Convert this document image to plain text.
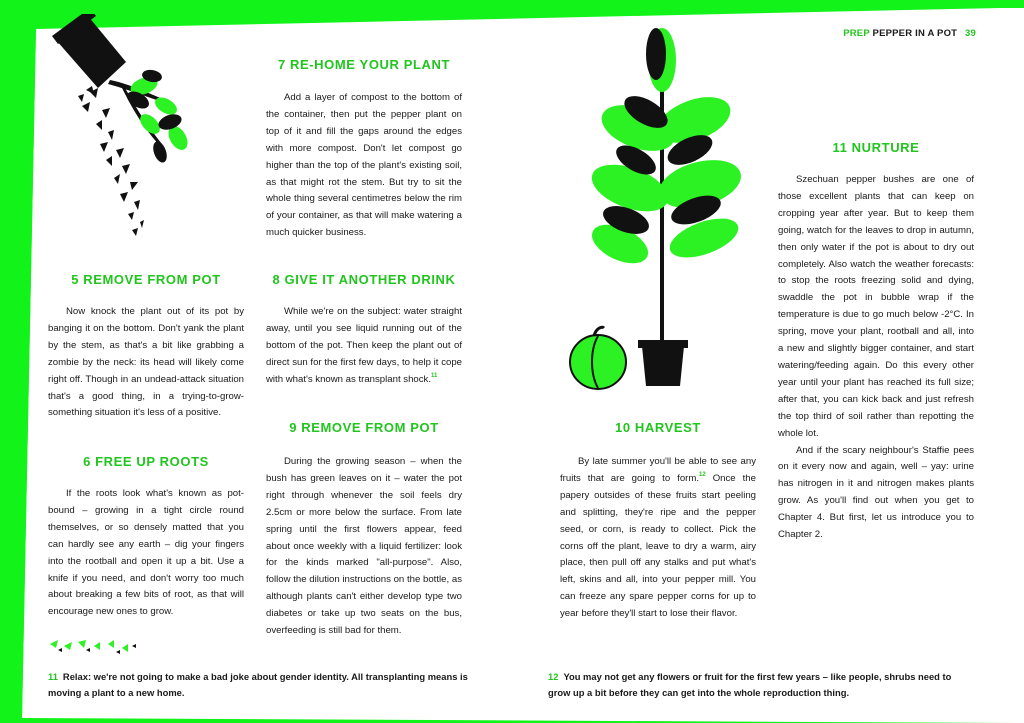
PREP PEPPER IN A POT 39
5 REMOVE FROM POT

Now knock the plant out of its pot by banging it on the bottom. Don't yank the plant by the stem, as that's a bit like grabbing a zombie by the neck: its head will likely come right off. Though in an undead-attack situation that's a good thing, in a trying-to-grow-something situation it's less of a positive.

6 FREE UP ROOTS

If the roots look what's known as pot-bound – growing in a tight circle round themselves, or so densely matted that you can hardly see any earth – dig your fingers into the rootball and open it up a bit. Use a knife if you need, and don't worry too much about breaking a few bits of root, as that will encourage new ones to grow.

7 RE-HOME YOUR PLANT

Add a layer of compost to the bottom of the container, then put the pepper plant on top of it and fill the gaps around the edges with more compost. Don't let compost go higher than the top of the plant's existing soil, as that might rot the stem. But try to sit the whole thing several centimetres below the rim of your container, as that will make watering a much quicker business.

8 GIVE IT ANOTHER DRINK

While we're on the subject: water straight away, until you see liquid running out of the bottom of the pot. Then keep the plant out of direct sun for the first few days, to help it cope with what's known as transplant shock.$^{11}$

9 REMOVE FROM POT

During the growing season – when the bush has green leaves on it – water the pot right through whenever the soil feels dry 2.5cm or more below the surface. From late spring until the first flowers appear, feed about once weekly with a liquid fertilizer: look for the kinds marked "all-purpose". Also, follow the dilution instructions on the bottle, as although plants can't either develop type two diabetes or take up two seats on the bus, overfeeding is still bad for them.

10 HARVEST

By late summer you'll be able to see any fruits that are going to form.$^{12}$ Once the papery outsides of these fruits start peeling and splitting, they're ripe and the pepper seed, or corn, is ready to collect. Pick the corns off the plant, leave to dry a warm, airy place, then pull off any stalks and put what's left, skins and all, into your pepper mill. You can freeze any spare pepper corns for up to year before they'll start to lose their flavor.

11 NURTURE

Szechuan pepper bushes are one of those excellent plants that can keep on cropping year after year. But to keep them going, watch for the leaves to drop in autumn, then only water if the pot is about to dry out completely. Also watch the weather forecasts: to stop the roots freezing solid and dying, swaddle the pot in bubble wrap if the temperature is due to go much below -2°C. In spring, move your plant, rootball and all, into a new and slightly bigger container, and start watering/feeding again. Do this every other year until your plant has reached its full size; after that, you can kick back and just refresh the top third of soil rather than repotting the whole lot.

And if the scary neighbour's Staffie pees on it every now and again, well – yay: urine has nitrogen in it and nitrogen makes plants grow. As you'll find out when you get to Chapter 4. But first, let us introduce you to Chapter 2.

11 Relax: we're not going to make a bad joke about gender identity. All transplanting means is moving a plant to a new home.
12 You may not get any flowers or fruit for the first few years – like people, shrubs need to grow up a bit before they can get into the whole reproduction thing.
